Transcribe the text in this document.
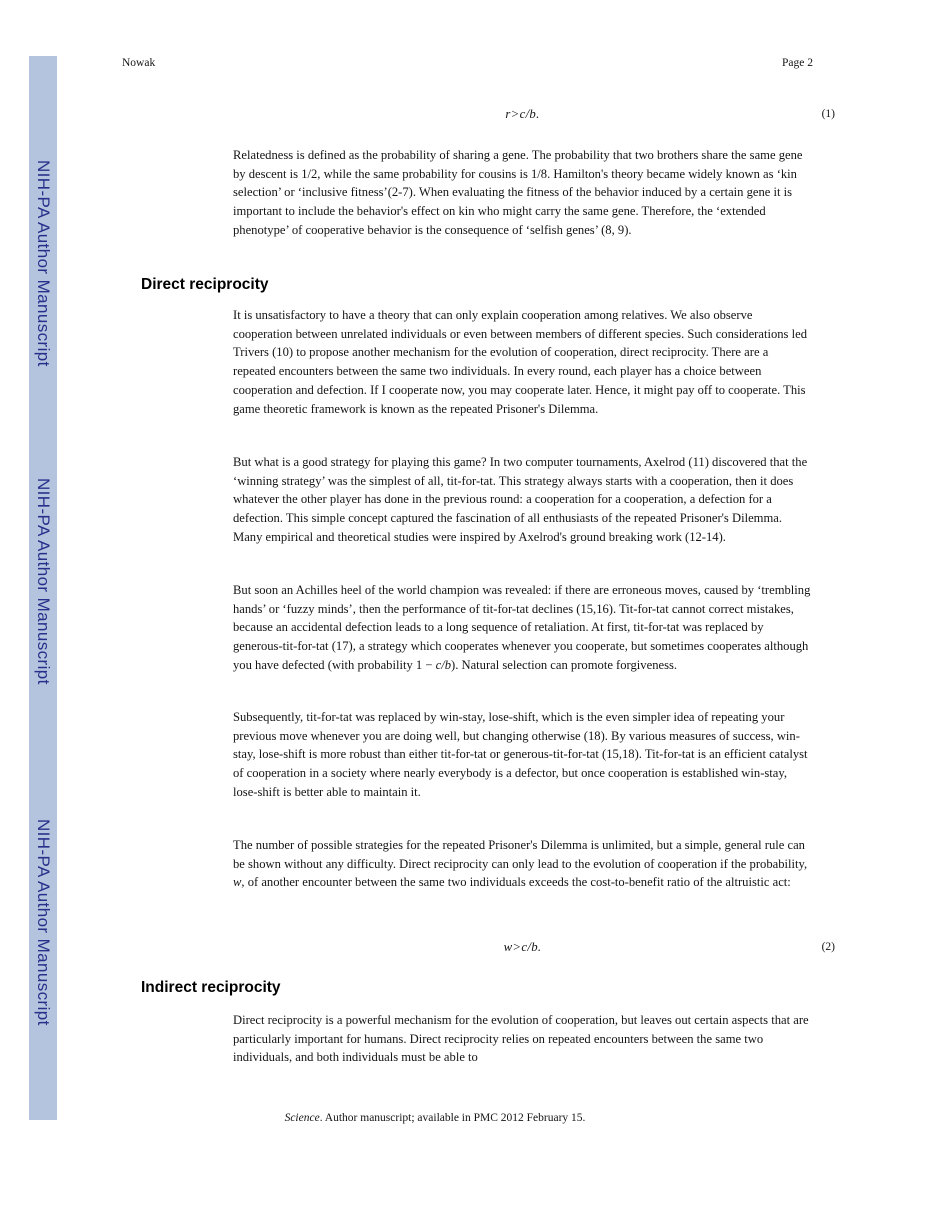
NIH-PA Author Manuscript
NIH-PA Author Manuscript
NIH-PA Author Manuscript
Nowak	Page 2
r>c/b.	(1)

Relatedness is defined as the probability of sharing a gene. The probability that two brothers share the same gene by descent is 1/2, while the same probability for cousins is 1/8. Hamilton's theory became widely known as ‘kin selection’ or ‘inclusive fitness’(2-7). When evaluating the fitness of the behavior induced by a certain gene it is important to include the behavior's effect on kin who might carry the same gene. Therefore, the ‘extended phenotype’ of cooperative behavior is the consequence of ‘selfish genes’ (8, 9).

Direct reciprocity

It is unsatisfactory to have a theory that can only explain cooperation among relatives. We also observe cooperation between unrelated individuals or even between members of different species. Such considerations led Trivers (10) to propose another mechanism for the evolution of cooperation, direct reciprocity. There are a repeated encounters between the same two individuals. In every round, each player has a choice between cooperation and defection. If I cooperate now, you may cooperate later. Hence, it might pay off to cooperate. This game theoretic framework is known as the repeated Prisoner's Dilemma.

But what is a good strategy for playing this game? In two computer tournaments, Axelrod (11) discovered that the ‘winning strategy’ was the simplest of all, tit-for-tat. This strategy always starts with a cooperation, then it does whatever the other player has done in the previous round: a cooperation for a cooperation, a defection for a defection. This simple concept captured the fascination of all enthusiasts of the repeated Prisoner's Dilemma. Many empirical and theoretical studies were inspired by Axelrod's ground breaking work (12-14).

But soon an Achilles heel of the world champion was revealed: if there are erroneous moves, caused by ‘trembling hands’ or ‘fuzzy minds’, then the performance of tit-for-tat declines (15,16). Tit-for-tat cannot correct mistakes, because an accidental defection leads to a long sequence of retaliation. At first, tit-for-tat was replaced by generous-tit-for-tat (17), a strategy which cooperates whenever you cooperate, but sometimes cooperates although you have defected (with probability 1 − c/b). Natural selection can promote forgiveness.

Subsequently, tit-for-tat was replaced by win-stay, lose-shift, which is the even simpler idea of repeating your previous move whenever you are doing well, but changing otherwise (18). By various measures of success, win-stay, lose-shift is more robust than either tit-for-tat or generous-tit-for-tat (15,18). Tit-for-tat is an efficient catalyst of cooperation in a society where nearly everybody is a defector, but once cooperation is established win-stay, lose-shift is better able to maintain it.

The number of possible strategies for the repeated Prisoner's Dilemma is unlimited, but a simple, general rule can be shown without any difficulty. Direct reciprocity can only lead to the evolution of cooperation if the probability, w, of another encounter between the same two individuals exceeds the cost-to-benefit ratio of the altruistic act:

w>c/b.	(2)
Indirect reciprocity

Direct reciprocity is a powerful mechanism for the evolution of cooperation, but leaves out certain aspects that are particularly important for humans. Direct reciprocity relies on repeated encounters between the same two individuals, and both individuals must be able to

Science. Author manuscript; available in PMC 2012 February 15.
